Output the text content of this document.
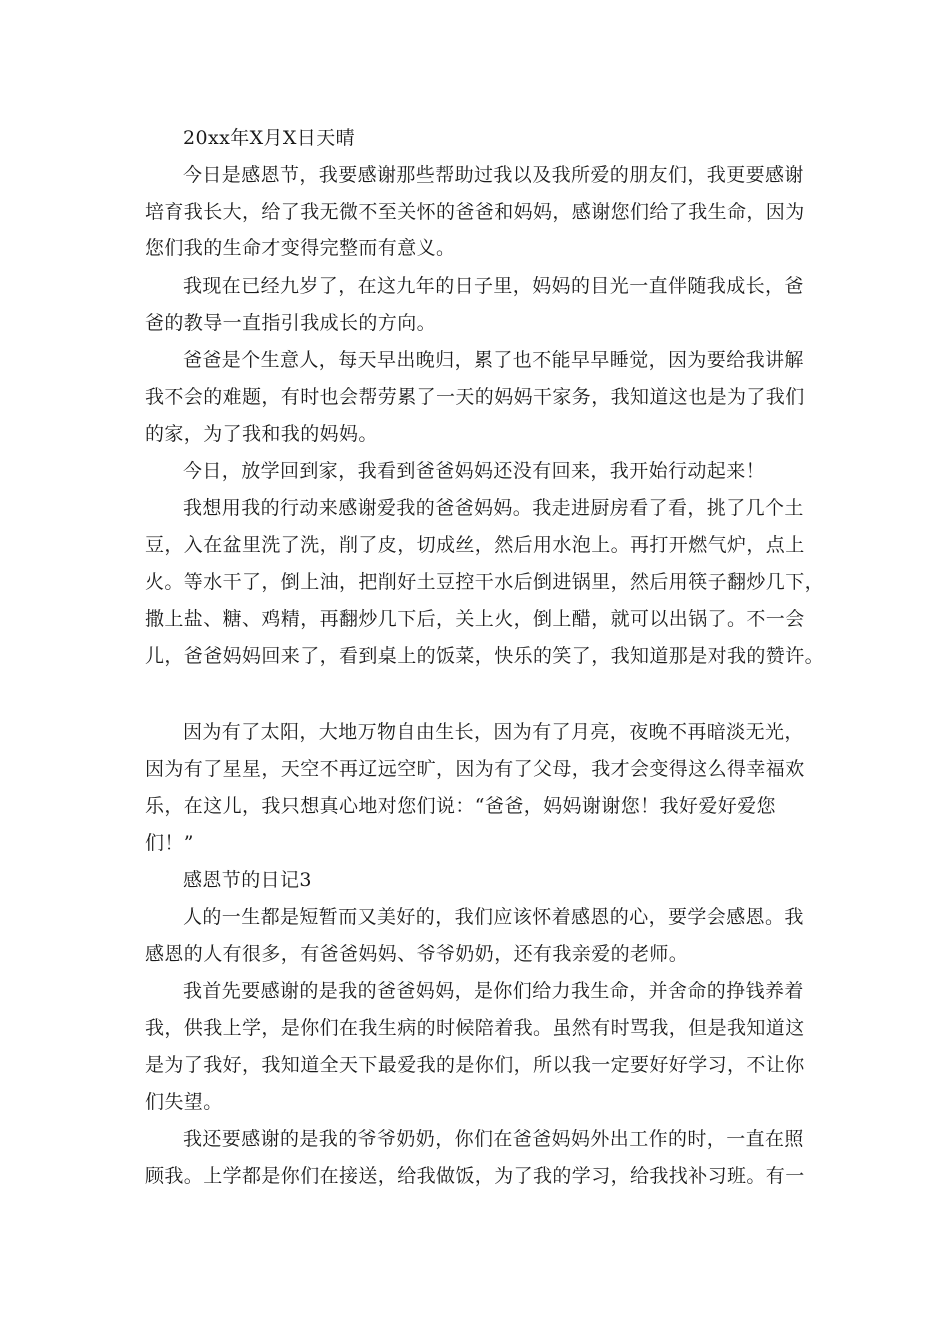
20xx年X月X日天晴
今日是感恩节，我要感谢那些帮助过我以及我所爱的朋友们，我更要感谢
培育我长大，给了我无微不至关怀的爸爸和妈妈，感谢您们给了我生命，因为
您们我的生命才变得完整而有意义。
我现在已经九岁了，在这九年的日子里，妈妈的目光一直伴随我成长，爸
爸的教导一直指引我成长的方向。
爸爸是个生意人，每天早出晚归，累了也不能早早睡觉，因为要给我讲解
我不会的难题，有时也会帮劳累了一天的妈妈干家务，我知道这也是为了我们
的家，为了我和我的妈妈。
今日，放学回到家，我看到爸爸妈妈还没有回来，我开始行动起来！
我想用我的行动来感谢爱我的爸爸妈妈。我走进厨房看了看，挑了几个土
豆，入在盆里洗了洗，削了皮，切成丝，然后用水泡上。再打开燃气炉，点上
火。等水干了，倒上油，把削好土豆控干水后倒进锅里，然后用筷子翻炒几下，
撒上盐、糖、鸡精，再翻炒几下后，关上火，倒上醋，就可以出锅了。不一会
儿，爸爸妈妈回来了，看到桌上的饭菜，快乐的笑了，我知道那是对我的赞许。
因为有了太阳，大地万物自由生长，因为有了月亮，夜晚不再暗淡无光，
因为有了星星，天空不再辽远空旷，因为有了父母，我才会变得这么得幸福欢
乐，在这儿，我只想真心地对您们说：“爸爸，妈妈谢谢您！我好爱好爱您
们！”
感恩节的日记3
人的一生都是短暂而又美好的，我们应该怀着感恩的心，要学会感恩。我
感恩的人有很多，有爸爸妈妈、爷爷奶奶，还有我亲爱的老师。
我首先要感谢的是我的爸爸妈妈，是你们给力我生命，并舍命的挣钱养着
我，供我上学，是你们在我生病的时候陪着我。虽然有时骂我，但是我知道这
是为了我好，我知道全天下最爱我的是你们，所以我一定要好好学习，不让你
们失望。
我还要感谢的是我的爷爷奶奶，你们在爸爸妈妈外出工作的时，一直在照
顾我。上学都是你们在接送，给我做饭，为了我的学习，给我找补习班。有一
